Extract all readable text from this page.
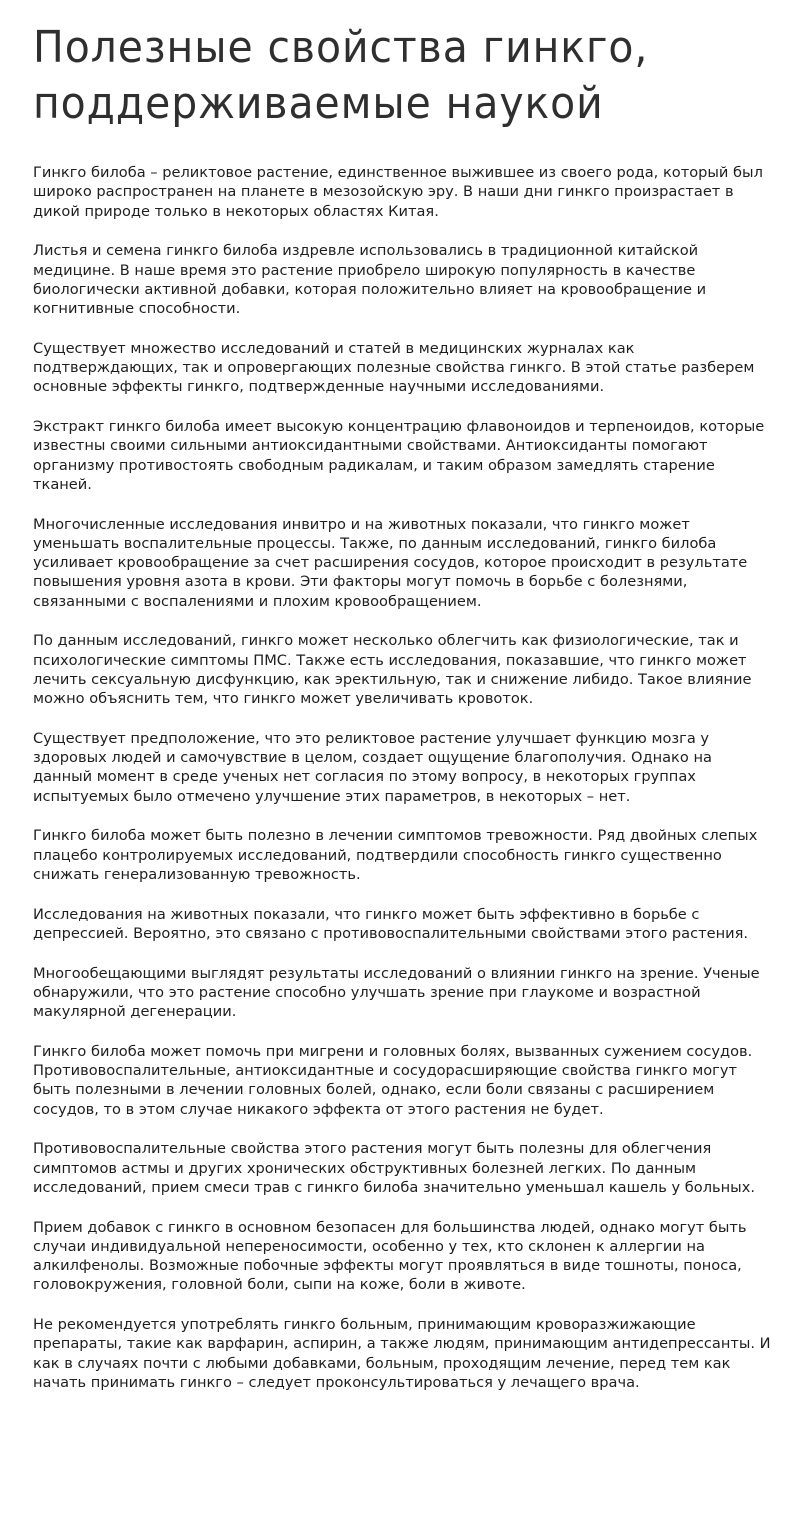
Полезные свойства гинкго,
поддерживаемые наукой

Гинкго билоба – реликтовое растение, единственное выжившее из своего рода, который был широко распространен на планете в мезозойскую эру. В наши дни гинкго произрастает в дикой природе только в некоторых областях Китая.

Листья и семена гинкго билоба издревле использовались в традиционной китайской медицине. В наше время это растение приобрело широкую популярность в качестве биологически активной добавки, которая положительно влияет на кровообращение и когнитивные способности.

Существует множество исследований и статей в медицинских журналах как подтверждающих, так и опровергающих полезные свойства гинкго. В этой статье разберем основные эффекты гинкго, подтвержденные научными исследованиями.

Экстракт гинкго билоба имеет высокую концентрацию флавоноидов и терпеноидов, которые известны своими сильными антиоксидантными свойствами. Антиоксиданты помогают организму противостоять свободным радикалам, и таким образом замедлять старение тканей.

Многочисленные исследования инвитро и на животных показали, что гинкго может уменьшать воспалительные процессы. Также, по данным исследований, гинкго билоба усиливает кровообращение за счет расширения сосудов, которое происходит в результате повышения уровня азота в крови. Эти факторы могут помочь в борьбе с болезнями, связанными с воспалениями и плохим кровообращением.

По данным исследований, гинкго может несколько облегчить как физиологические, так и психологические симптомы ПМС. Также есть исследования, показавшие, что гинкго может лечить сексуальную дисфункцию, как эректильную, так и снижение либидо. Такое влияние можно объяснить тем, что гинкго может увеличивать кровоток.

Существует предположение, что это реликтовое растение улучшает функцию мозга у здоровых людей и самочувствие в целом, создает ощущение благополучия. Однако на данный момент в среде ученых нет согласия по этому вопросу, в некоторых группах испытуемых было отмечено улучшение этих параметров, в некоторых – нет.

Гинкго билоба может быть полезно в лечении симптомов тревожности. Ряд двойных слепых плацебо контролируемых исследований, подтвердили способность гинкго существенно снижать генерализованную тревожность.

Исследования на животных показали, что гинкго может быть эффективно в борьбе с депрессией. Вероятно, это связано с противовоспалительными свойствами этого растения.

Многообещающими выглядят результаты исследований о влиянии гинкго на зрение. Ученые обнаружили, что это растение способно улучшать зрение при глаукоме и возрастной макулярной дегенерации.

Гинкго билоба может помочь при мигрени и головных болях, вызванных сужением сосудов. Противовоспалительные, антиоксидантные и сосудорасширяющие свойства гинкго могут быть полезными в лечении головных болей, однако, если боли связаны с расширением сосудов, то в этом случае никакого эффекта от этого растения не будет.

Противовоспалительные свойства этого растения могут быть полезны для облегчения симптомов астмы и других хронических обструктивных болезней легких. По данным исследований, прием смеси трав с гинкго билоба значительно уменьшал кашель у больных.

Прием добавок с гинкго в основном безопасен для большинства людей, однако могут быть случаи индивидуальной непереносимости, особенно у тех, кто склонен к аллергии на алкилфенолы. Возможные побочные эффекты могут проявляться в виде тошноты, поноса, головокружения, головной боли, сыпи на коже, боли в животе.

Не рекомендуется употреблять гинкго больным, принимающим кроворазжижающие препараты, такие как варфарин, аспирин, а также людям, принимающим антидепрессанты. И как в случаях почти с любыми добавками, больным, проходящим лечение, перед тем как начать принимать гинкго – следует проконсультироваться у лечащего врача.
